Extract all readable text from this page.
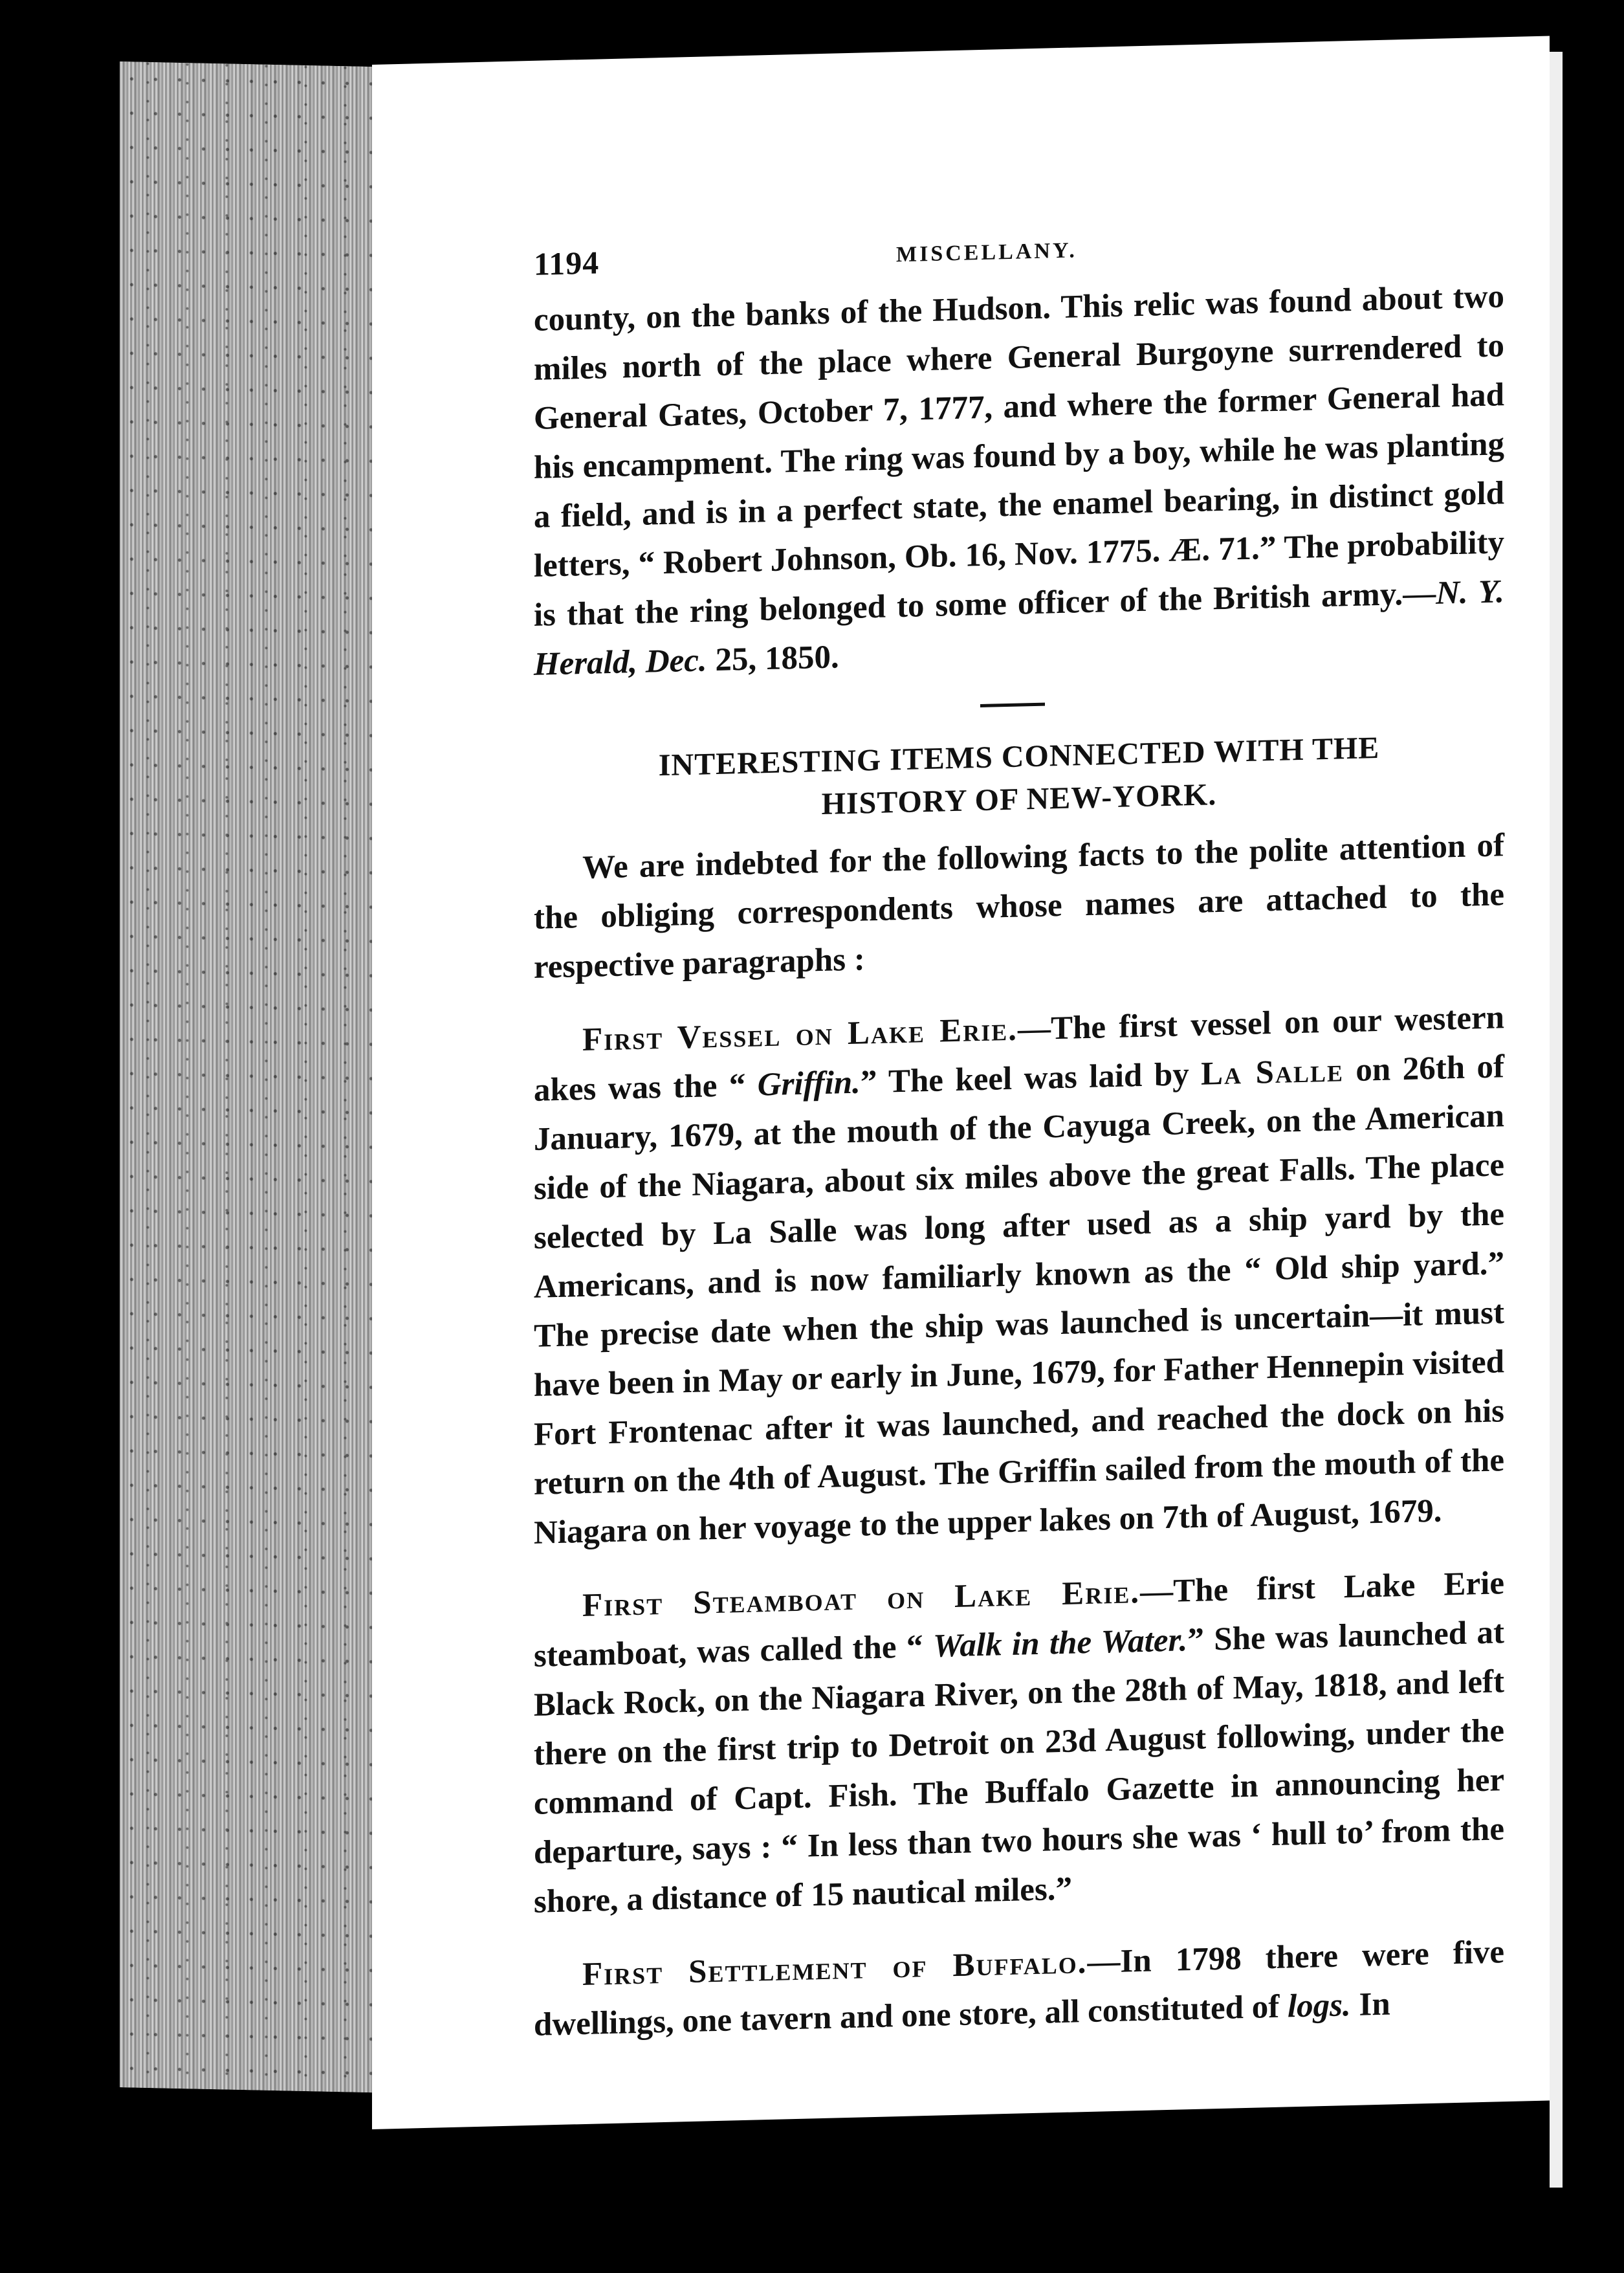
1194	MISCELLANY.

county, on the banks of the Hudson. This relic was found about two miles north of the place where General Burgoyne surrendered to General Gates, October 7, 1777, and where the former General had his encampment. The ring was found by a boy, while he was planting a field, and is in a perfect state, the enamel bearing, in distinct gold letters, “ Robert Johnson, Ob. 16, Nov. 1775. Æ. 71.” The probability is that the ring belonged to some officer of the British army.—N. Y. Herald, Dec. 25, 1850.

INTERESTING ITEMS CONNECTED WITH THE
HISTORY OF NEW-YORK.

We are indebted for the following facts to the polite attention of the obliging correspondents whose names are attached to the respective paragraphs :

First Vessel on Lake Erie.—The first vessel on our western akes was the “ Griffin.” The keel was laid by La Salle on 26th of January, 1679, at the mouth of the Cayuga Creek, on the American side of the Niagara, about six miles above the great Falls. The place selected by La Salle was long after used as a ship yard by the Americans, and is now familiarly known as the “ Old ship yard.” The precise date when the ship was launched is uncertain—it must have been in May or early in June, 1679, for Father Hennepin visited Fort Frontenac after it was launched, and reached the dock on his return on the 4th of August. The Griffin sailed from the mouth of the Niagara on her voyage to the upper lakes on 7th of August, 1679.

First Steamboat on Lake Erie.—The first Lake Erie steamboat, was called the “ Walk in the Water.” She was launched at Black Rock, on the Niagara River, on the 28th of May, 1818, and left there on the first trip to Detroit on 23d August following, under the command of Capt. Fish. The Buffalo Gazette in announcing her departure, says : “ In less than two hours she was ‘ hull to’ from the shore, a distance of 15 nautical miles.”

First Settlement of Buffalo.—In 1798 there were five dwellings, one tavern and one store, all constituted of logs. In
